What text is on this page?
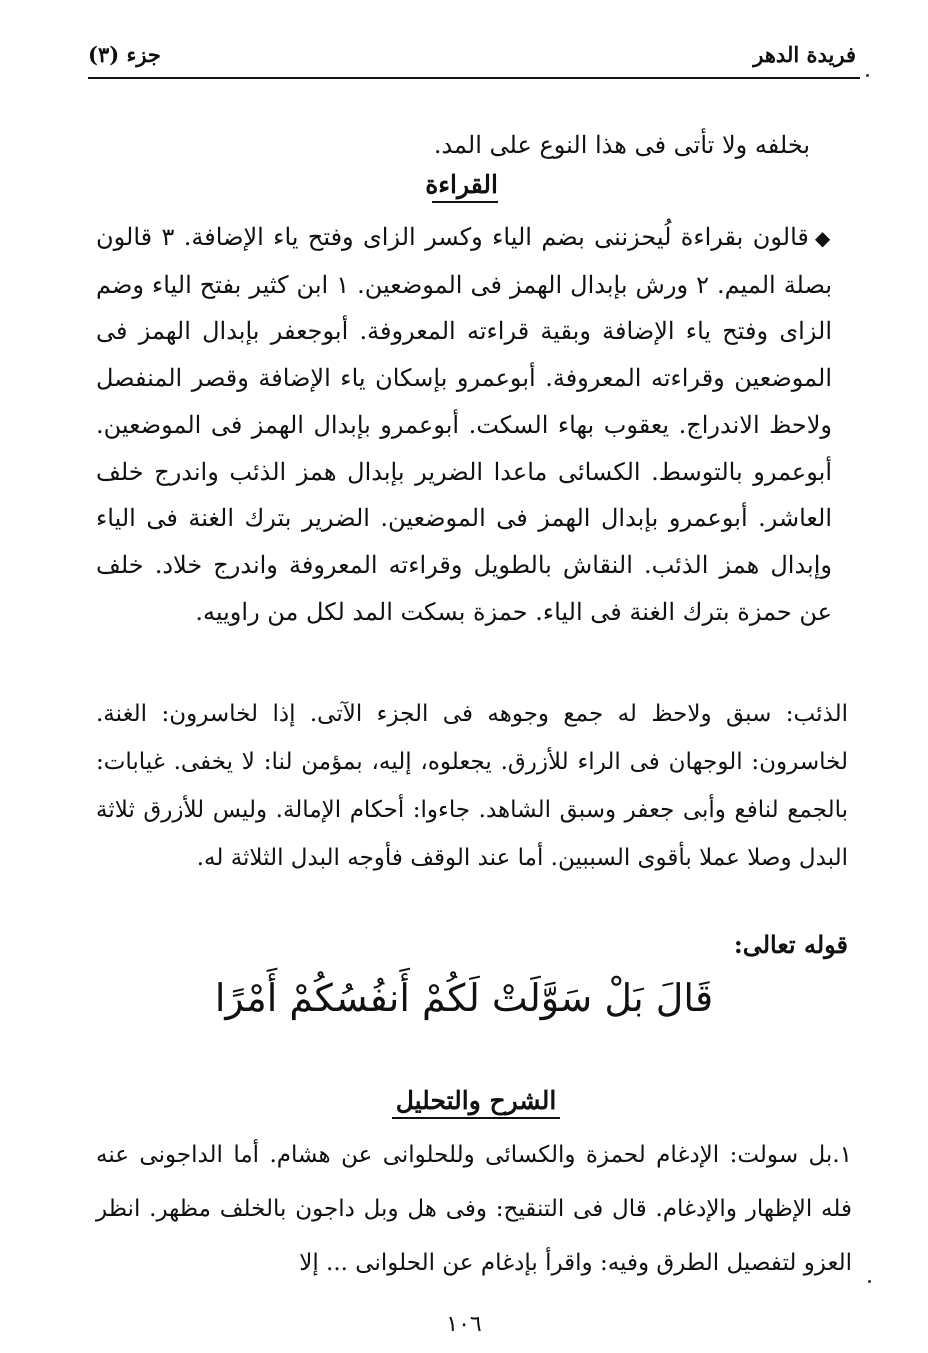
فريدة الدهر
جزء (٣)
بخلفه ولا تأتى فى هذا النوع على المد.
القراءة
◆قالون بقراءة لُيحزننى بضم الياء وكسر الزاى وفتح ياء الإضافة. ٣ قالون بصلة الميم. ٢ ورش بإبدال الهمز فى الموضعين. ١ ابن كثير بفتح الياء وضم الزاى وفتح ياء الإضافة وبقية قراءته المعروفة. أبوجعفر بإبدال الهمز فى الموضعين وقراءته المعروفة. أبوعمرو بإسكان ياء الإضافة وقصر المنفصل ولاحظ الاندراج. يعقوب بهاء السكت. أبوعمرو بإبدال الهمز فى الموضعين. أبوعمرو بالتوسط. الكسائى ماعدا الضرير بإبدال همز الذئب واندرج خلف العاشر. أبوعمرو بإبدال الهمز فى الموضعين. الضرير بترك الغنة فى الياء وإبدال همز الذئب. النقاش بالطويل وقراءته المعروفة واندرج خلاد. خلف عن حمزة بترك الغنة فى الياء. حمزة بسكت المد لكل من راوييه.
الذئب: سبق ولاحظ له جمع وجوهه فى الجزء الآتى. إذا لخاسرون: الغنة. لخاسرون: الوجهان فى الراء للأزرق. يجعلوه، إليه، بمؤمن لنا: لا يخفى. غيابات: بالجمع لنافع وأبى جعفر وسبق الشاهد. جاءوا: أحكام الإمالة. وليس للأزرق ثلاثة البدل وصلا عملا بأقوى السببين. أما عند الوقف فأوجه البدل الثلاثة له.
قوله تعالى:
قَالَ بَلْ سَوَّلَتْ لَكُمْ أَنفُسُكُمْ أَمْرًا
الشرح والتحليل
١.بل سولت: الإدغام لحمزة والكسائى وللحلوانى عن هشام. أما الداجونى عنه فله الإظهار والإدغام. قال فى التنقيح: وفى هل وبل داجون بالخلف مظهر. انظر العزو لتفصيل الطرق وفيه: واقرأ بإدغام عن الحلوانى ... إلا
١٠٦
